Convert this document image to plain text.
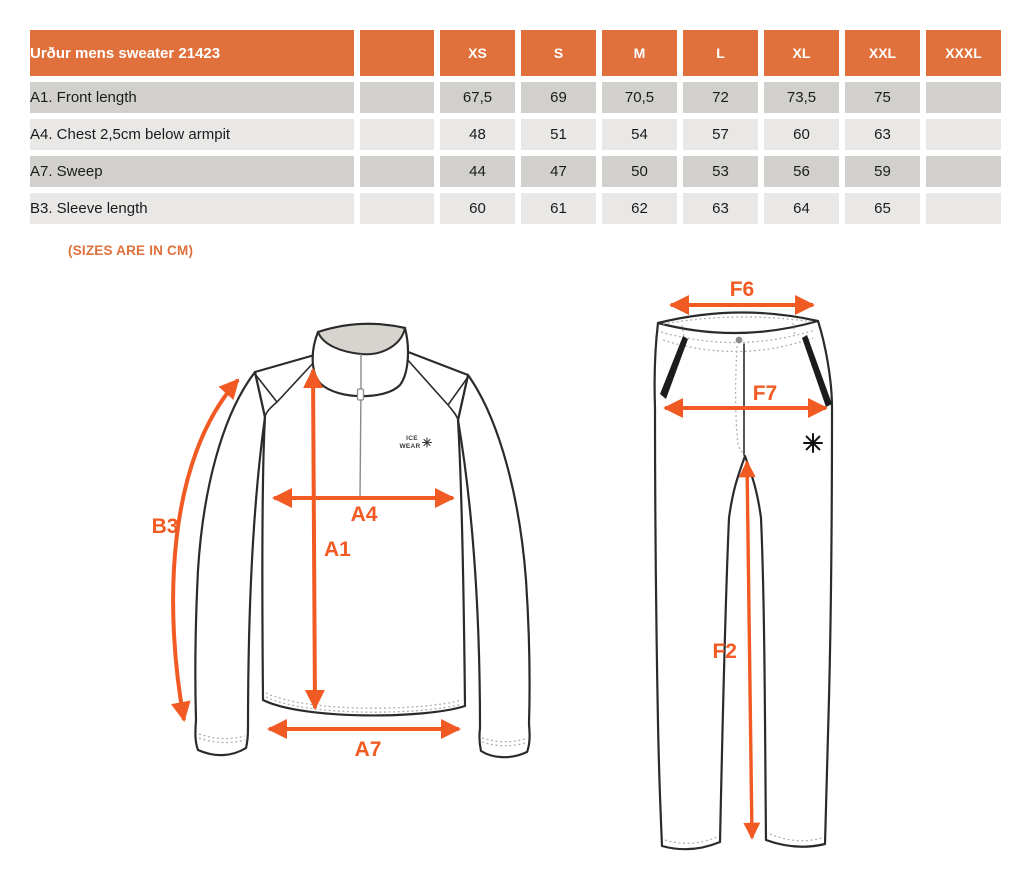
Urður mens sweater 21423		XS	S	M	L	XL	XXL	XXXL
A1. Front length		67,5	69	70,5	72	73,5	75	
A4. Chest 2,5cm below armpit		48	51	54	57	60	63	
A7. Sweep		44	47	50	53	56	59	
B3. Sleeve length		60	61	62	63	64	65	
(SIZES ARE IN CM)
ICE
WEAR
B3
A4
A1
A7
F6
F7
F2
